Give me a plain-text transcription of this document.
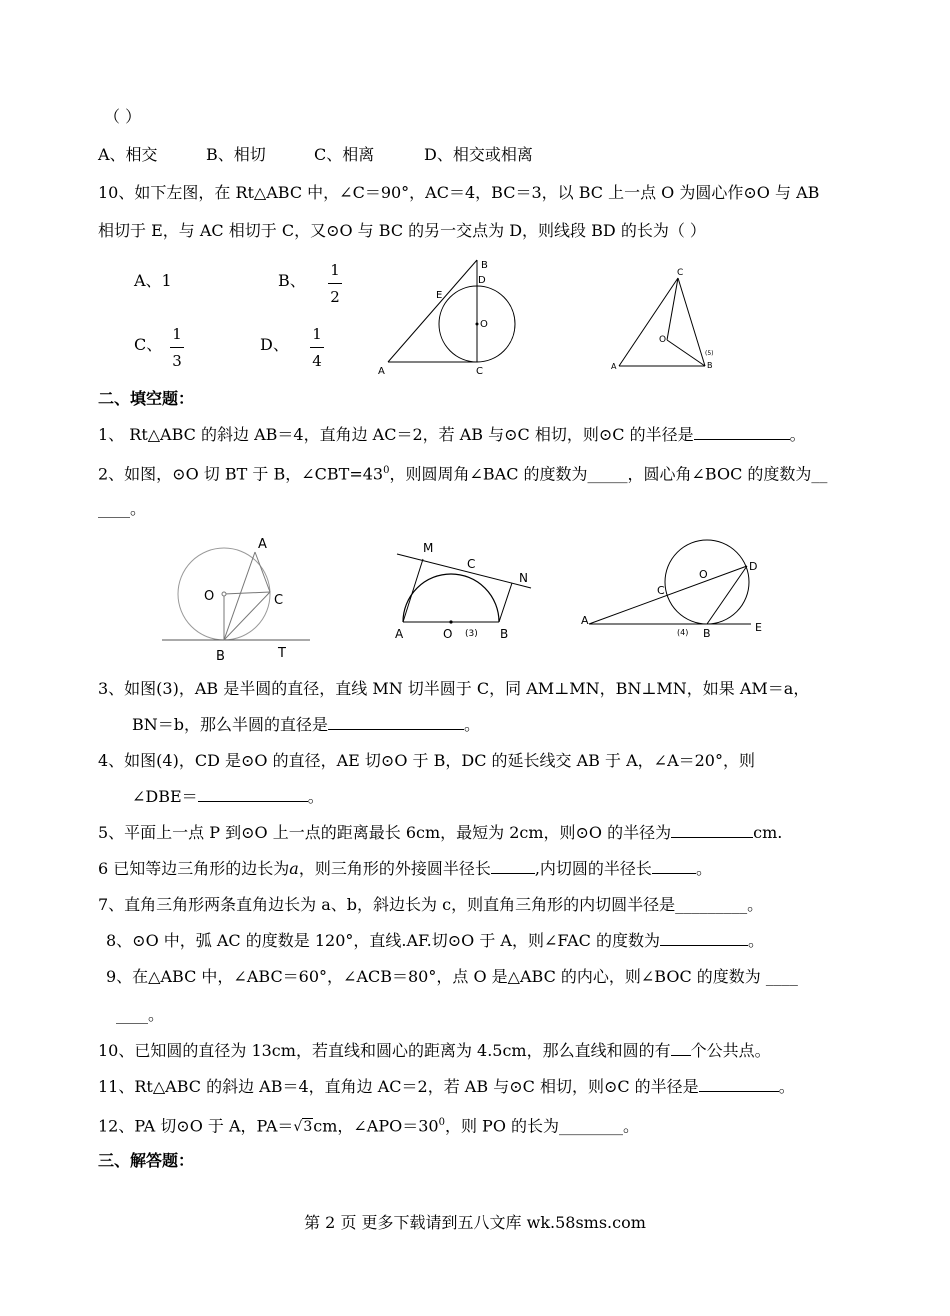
（ ）
A、相交	B、相切	C、相离	D、相交或相离
10、如下左图，在 Rt△ABC 中，∠C＝90°，AC＝4，BC＝3，以 BC 上一点 O 为圆心作⊙O 与 AB
相切于 E，与 AC 相切于 C，又⊙O 与 BC 的另一交点为 D，则线段 BD 的长为（ ）
A、1	B、
1
2
C、
1
3
D、
1
4
B
D
E
O
A	C
C
O
A	B
(5)
二、填空题：
1、 Rt△ABC 的斜边 AB＝4，直角边 AC＝2，若 AB 与⊙C 相切，则⊙C 的半径是	。
2、如图，⊙O 切 BT 于 B，$\angle CBT=43^0$，则圆周角∠BAC 的度数为_____，圆心角∠BOC 的度数为__
____。
A
O	C
B	T
M
C
N
A	O (3) B
O
D
C
A
(4) B	E
3、如图(3)，AB 是半圆的直径，直线 MN 切半圆于 C，同 AM⊥MN，BN⊥MN，如果 AM＝a，
BN＝b，那么半圆的直径是	。
4、如图(4)，CD 是⊙O 的直径，AE 切⊙O 于 B，DC 的延长线交 AB 于 A，∠A＝20°，则
∠DBE＝	。
5、平面上一点 P 到⊙O 上一点的距离最长 6cm，最短为 2cm，则⊙O 的半径为	cm.
6 已知等边三角形的边长为a，则三角形的外接圆半径长	,内切圆的半径长	。
7、直角三角形两条直角边长为 a、b，斜边长为 c，则直角三角形的内切圆半径是_________。
8、⊙O 中，弧 AC 的度数是 120°，直线.AF.切⊙O 于 A，则∠FAC 的度数为	。
9、在△ABC 中，∠ABC＝60°，∠ACB＝80°，点 O 是△ABC 的内心，则∠BOC 的度数为 ____
____。
10、已知圆的直径为 13cm，若直线和圆心的距离为 4.5cm，那么直线和圆的有 个公共点。
11、Rt△ABC 的斜边 AB＝4，直角边 AC＝2，若 AB 与⊙C 相切，则⊙C 的半径是	。
12、PA 切⊙O 于 A，PA＝√3cm，$\angle APO=30^0$，则 PO 的长为________。
三、解答题：
第 2 页 更多下载请到五八文库 wk.58sms.com
